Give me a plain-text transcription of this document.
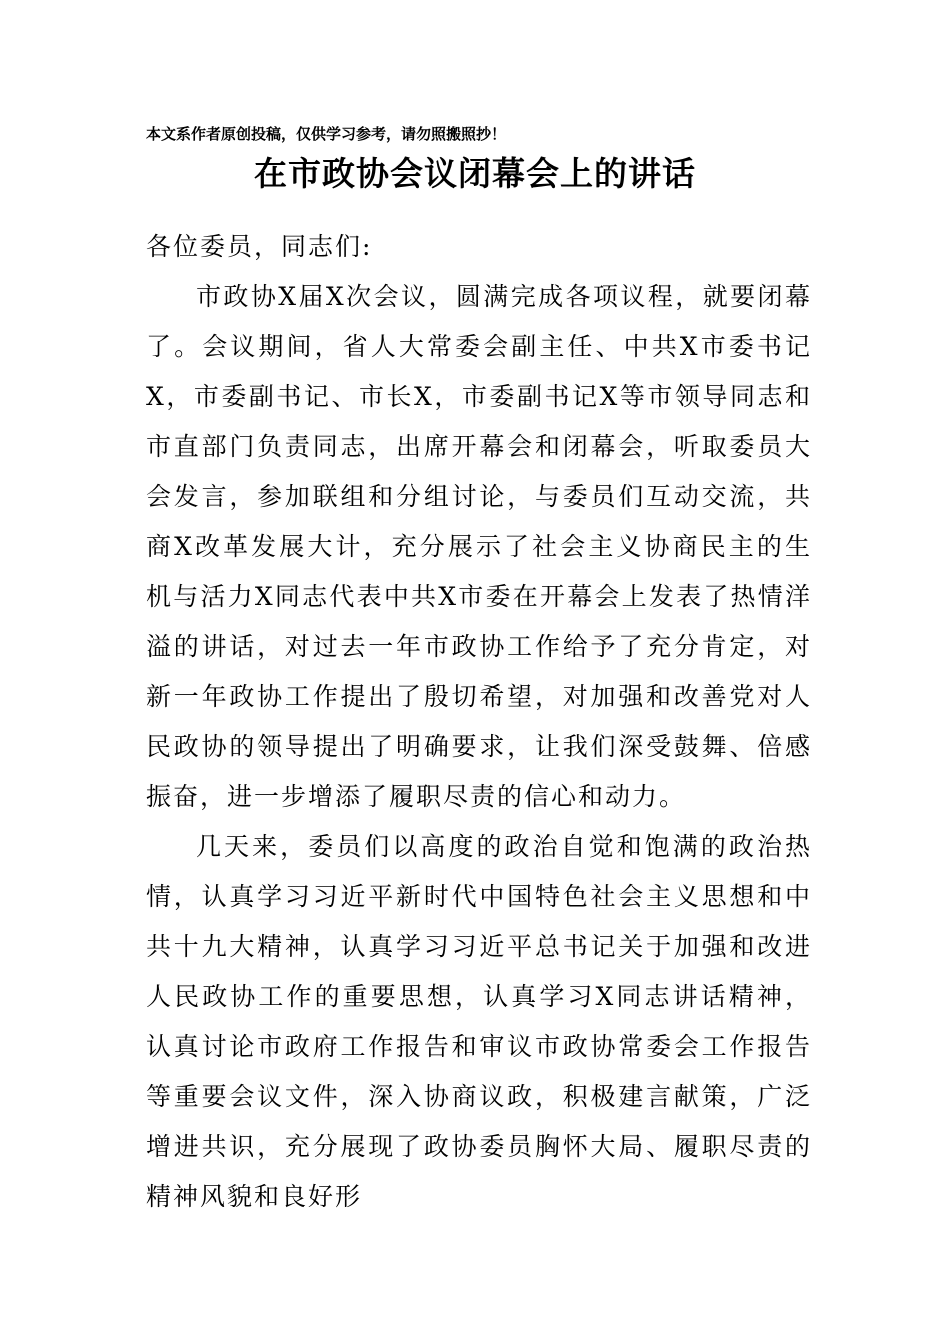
本文系作者原创投稿，仅供学习参考，请勿照搬照抄！
在市政协会议闭幕会上的讲话

各位委员，同志们:

市政协X届X次会议，圆满完成各项议程，就要闭幕了。会议期间，省人大常委会副主任、中共X市委书记X，市委副书记、市长X，市委副书记X等市领导同志和市直部门负责同志，出席开幕会和闭幕会，听取委员大会发言，参加联组和分组讨论，与委员们互动交流，共商X改革发展大计，充分展示了社会主义协商民主的生机与活力X同志代表中共X市委在开幕会上发表了热情洋溢的讲话，对过去一年市政协工作给予了充分肯定，对新一年政协工作提出了殷切希望，对加强和改善党对人民政协的领导提出了明确要求，让我们深受鼓舞、倍感振奋，进一步增添了履职尽责的信心和动力。

几天来，委员们以高度的政治自觉和饱满的政治热情，认真学习习近平新时代中国特色社会主义思想和中共十九大精神，认真学习习近平总书记关于加强和改进人民政协工作的重要思想，认真学习X同志讲话精神，认真讨论市政府工作报告和审议市政协常委会工作报告等重要会议文件，深入协商议政，积极建言献策，广泛增进共识，充分展现了政协委员胸怀大局、履职尽责的精神风貌和良好形
